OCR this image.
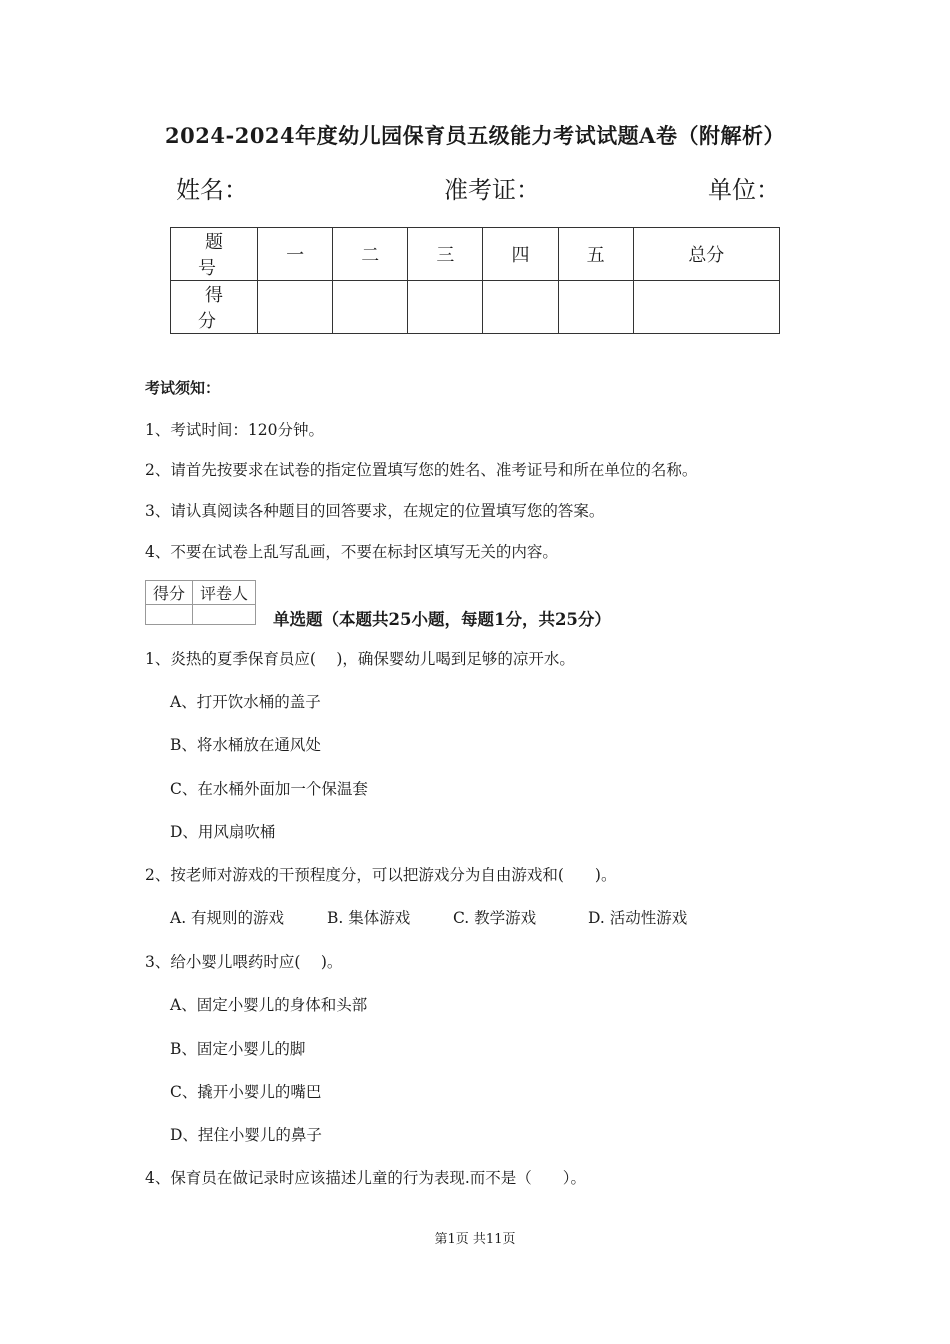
2024-2024年度幼儿园保育员五级能力考试试题A卷（附解析）
姓名：	准考证：	单位：
题　号	一	二	三	四	五	总分
得　分						
考试须知：
1、考试时间：120分钟。
2、请首先按要求在试卷的指定位置填写您的姓名、准考证号和所在单位的名称。
3、请认真阅读各种题目的回答要求，在规定的位置填写您的答案。
4、不要在试卷上乱写乱画，不要在标封区填写无关的内容。
得分	评卷人

单选题（本题共25小题，每题1分，共25分）
1、炎热的夏季保育员应(　 )，确保婴幼儿喝到足够的凉开水。
A、打开饮水桶的盖子
B、将水桶放在通风处
C、在水桶外面加一个保温套
D、用风扇吹桶
2、按老师对游戏的干预程度分，可以把游戏分为自由游戏和(　　)。
A. 有规则的游戏	B. 集体游戏	C. 教学游戏	D. 活动性游戏
3、给小婴儿喂药时应(　 )。
A、固定小婴儿的身体和头部
B、固定小婴儿的脚
C、撬开小婴儿的嘴巴
D、捏住小婴儿的鼻子
4、保育员在做记录时应该描述儿童的行为表现.而不是（　　）。
第1页 共11页
